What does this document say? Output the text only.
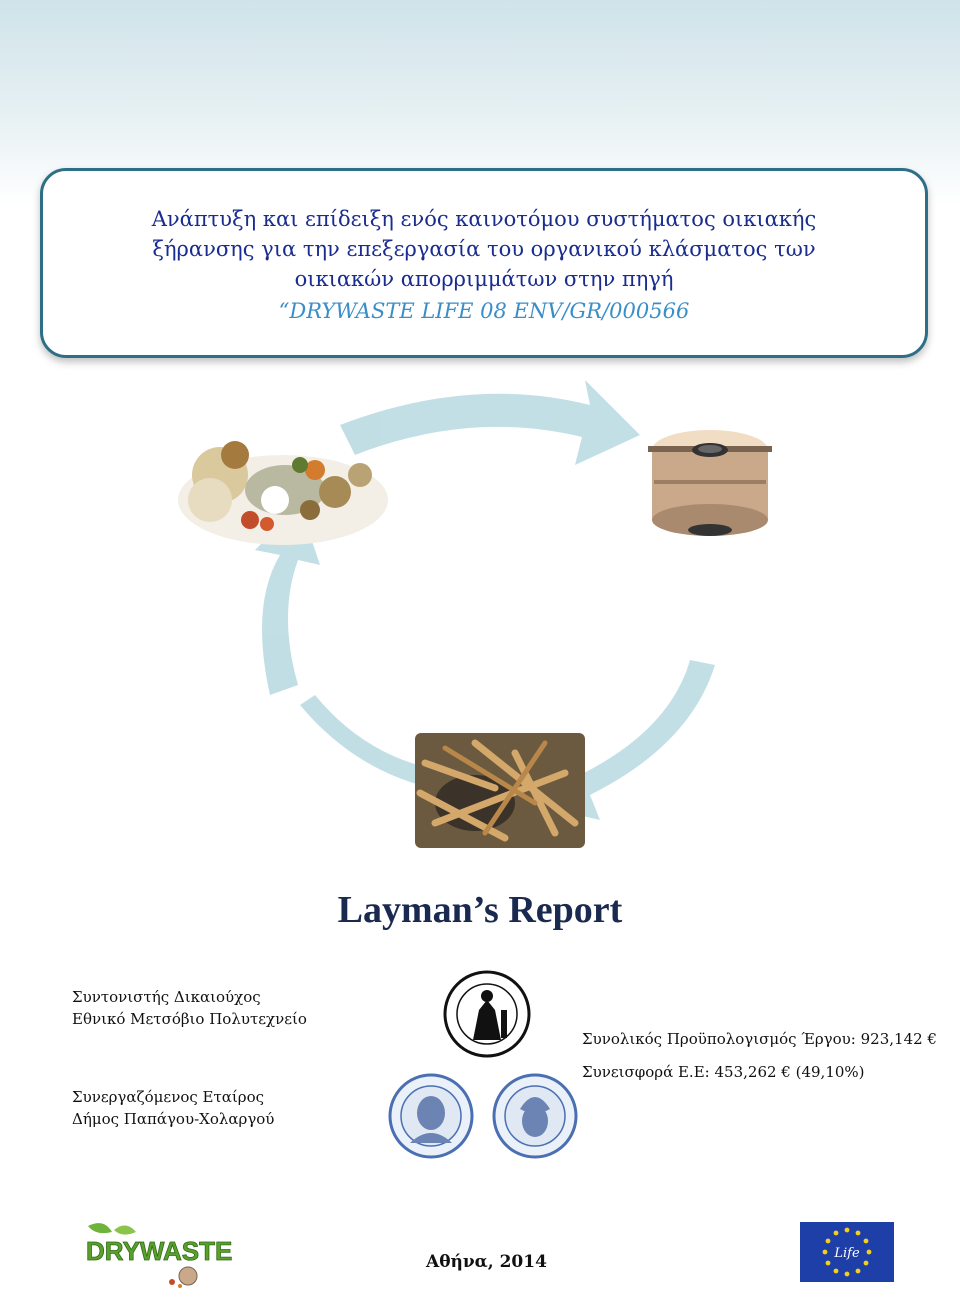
Ανάπτυξη και επίδειξη ενός καινοτόμου συστήματος οικιακής
ξήρανσης για την επεξεργασία του οργανικού κλάσματος των
οικιακών απορριμμάτων στην πηγή
“DRYWASTE LIFE 08 ENV/GR/000566
Layman’s Report
Συντονιστής Δικαιούχος
Εθνικό Μετσόβιο Πολυτεχνείο
Συνεργαζόμενος Εταίρος
Δήμος Παπάγου-Χολαργού
Συνολικός Προϋπολογισμός Έργου: 923,142 €
Συνεισφορά Ε.Ε: 453,262 € (49,10%)
DRYWASTE	Αθήνα, 2014	Life
